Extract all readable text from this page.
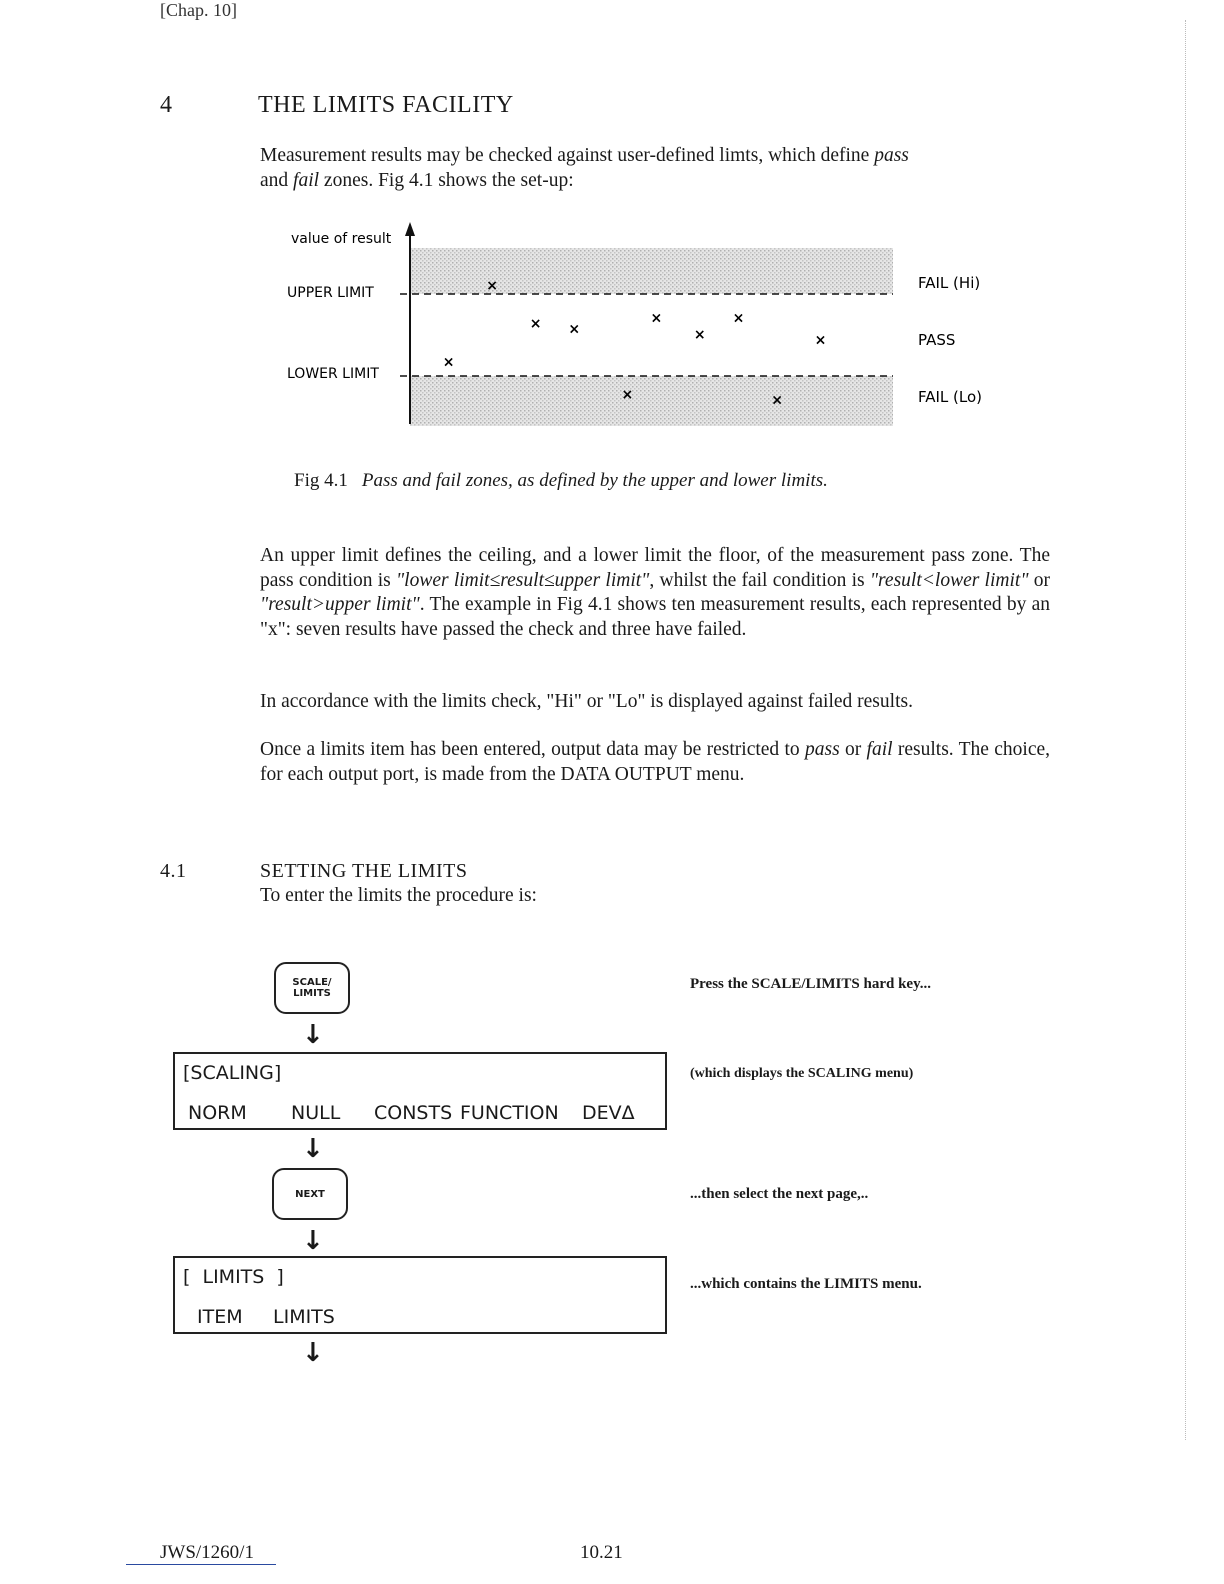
[Chap. 10]
4	THE LIMITS FACILITY
Measurement results may be checked against user-defined limts, which define pass
and fail zones. Fig 4.1 shows the set-up:
value of result
UPPER LIMIT
LOWER LIMIT
FAIL (Hi)
PASS
FAIL (Lo)
×
×
× ×
×
×
×
×
×
×
Fig 4.1 Pass and fail zones, as defined by the upper and lower limits.
An upper limit defines the ceiling, and a lower limit the floor, of the measurement pass zone. The pass condition is "lower limit≤result≤upper limit", whilst the fail condition is "result<lower limit" or "result>upper limit". The example in Fig 4.1 shows ten measurement results, each represented by an "x": seven results have passed the check and three have failed.
In accordance with the limits check, "Hi" or "Lo" is displayed against failed results.
Once a limits item has been entered, output data may be restricted to pass or fail results. The choice, for each output port, is made from the DATA OUTPUT menu.
4.1	SETTING THE LIMITS
To enter the limits the procedure is:
SCALE/
LIMITS
Press the SCALE/LIMITS hard key...
↓
[SCALING]
NORM NULL CONSTS FUNCTION DEVΔ
(which displays the SCALING menu)
↓
NEXT	...then select the next page,..
↓
[  LIMITS  ]
ITEM LIMITS
...which contains the LIMITS menu.
↓
JWS/1260/1	10.21
